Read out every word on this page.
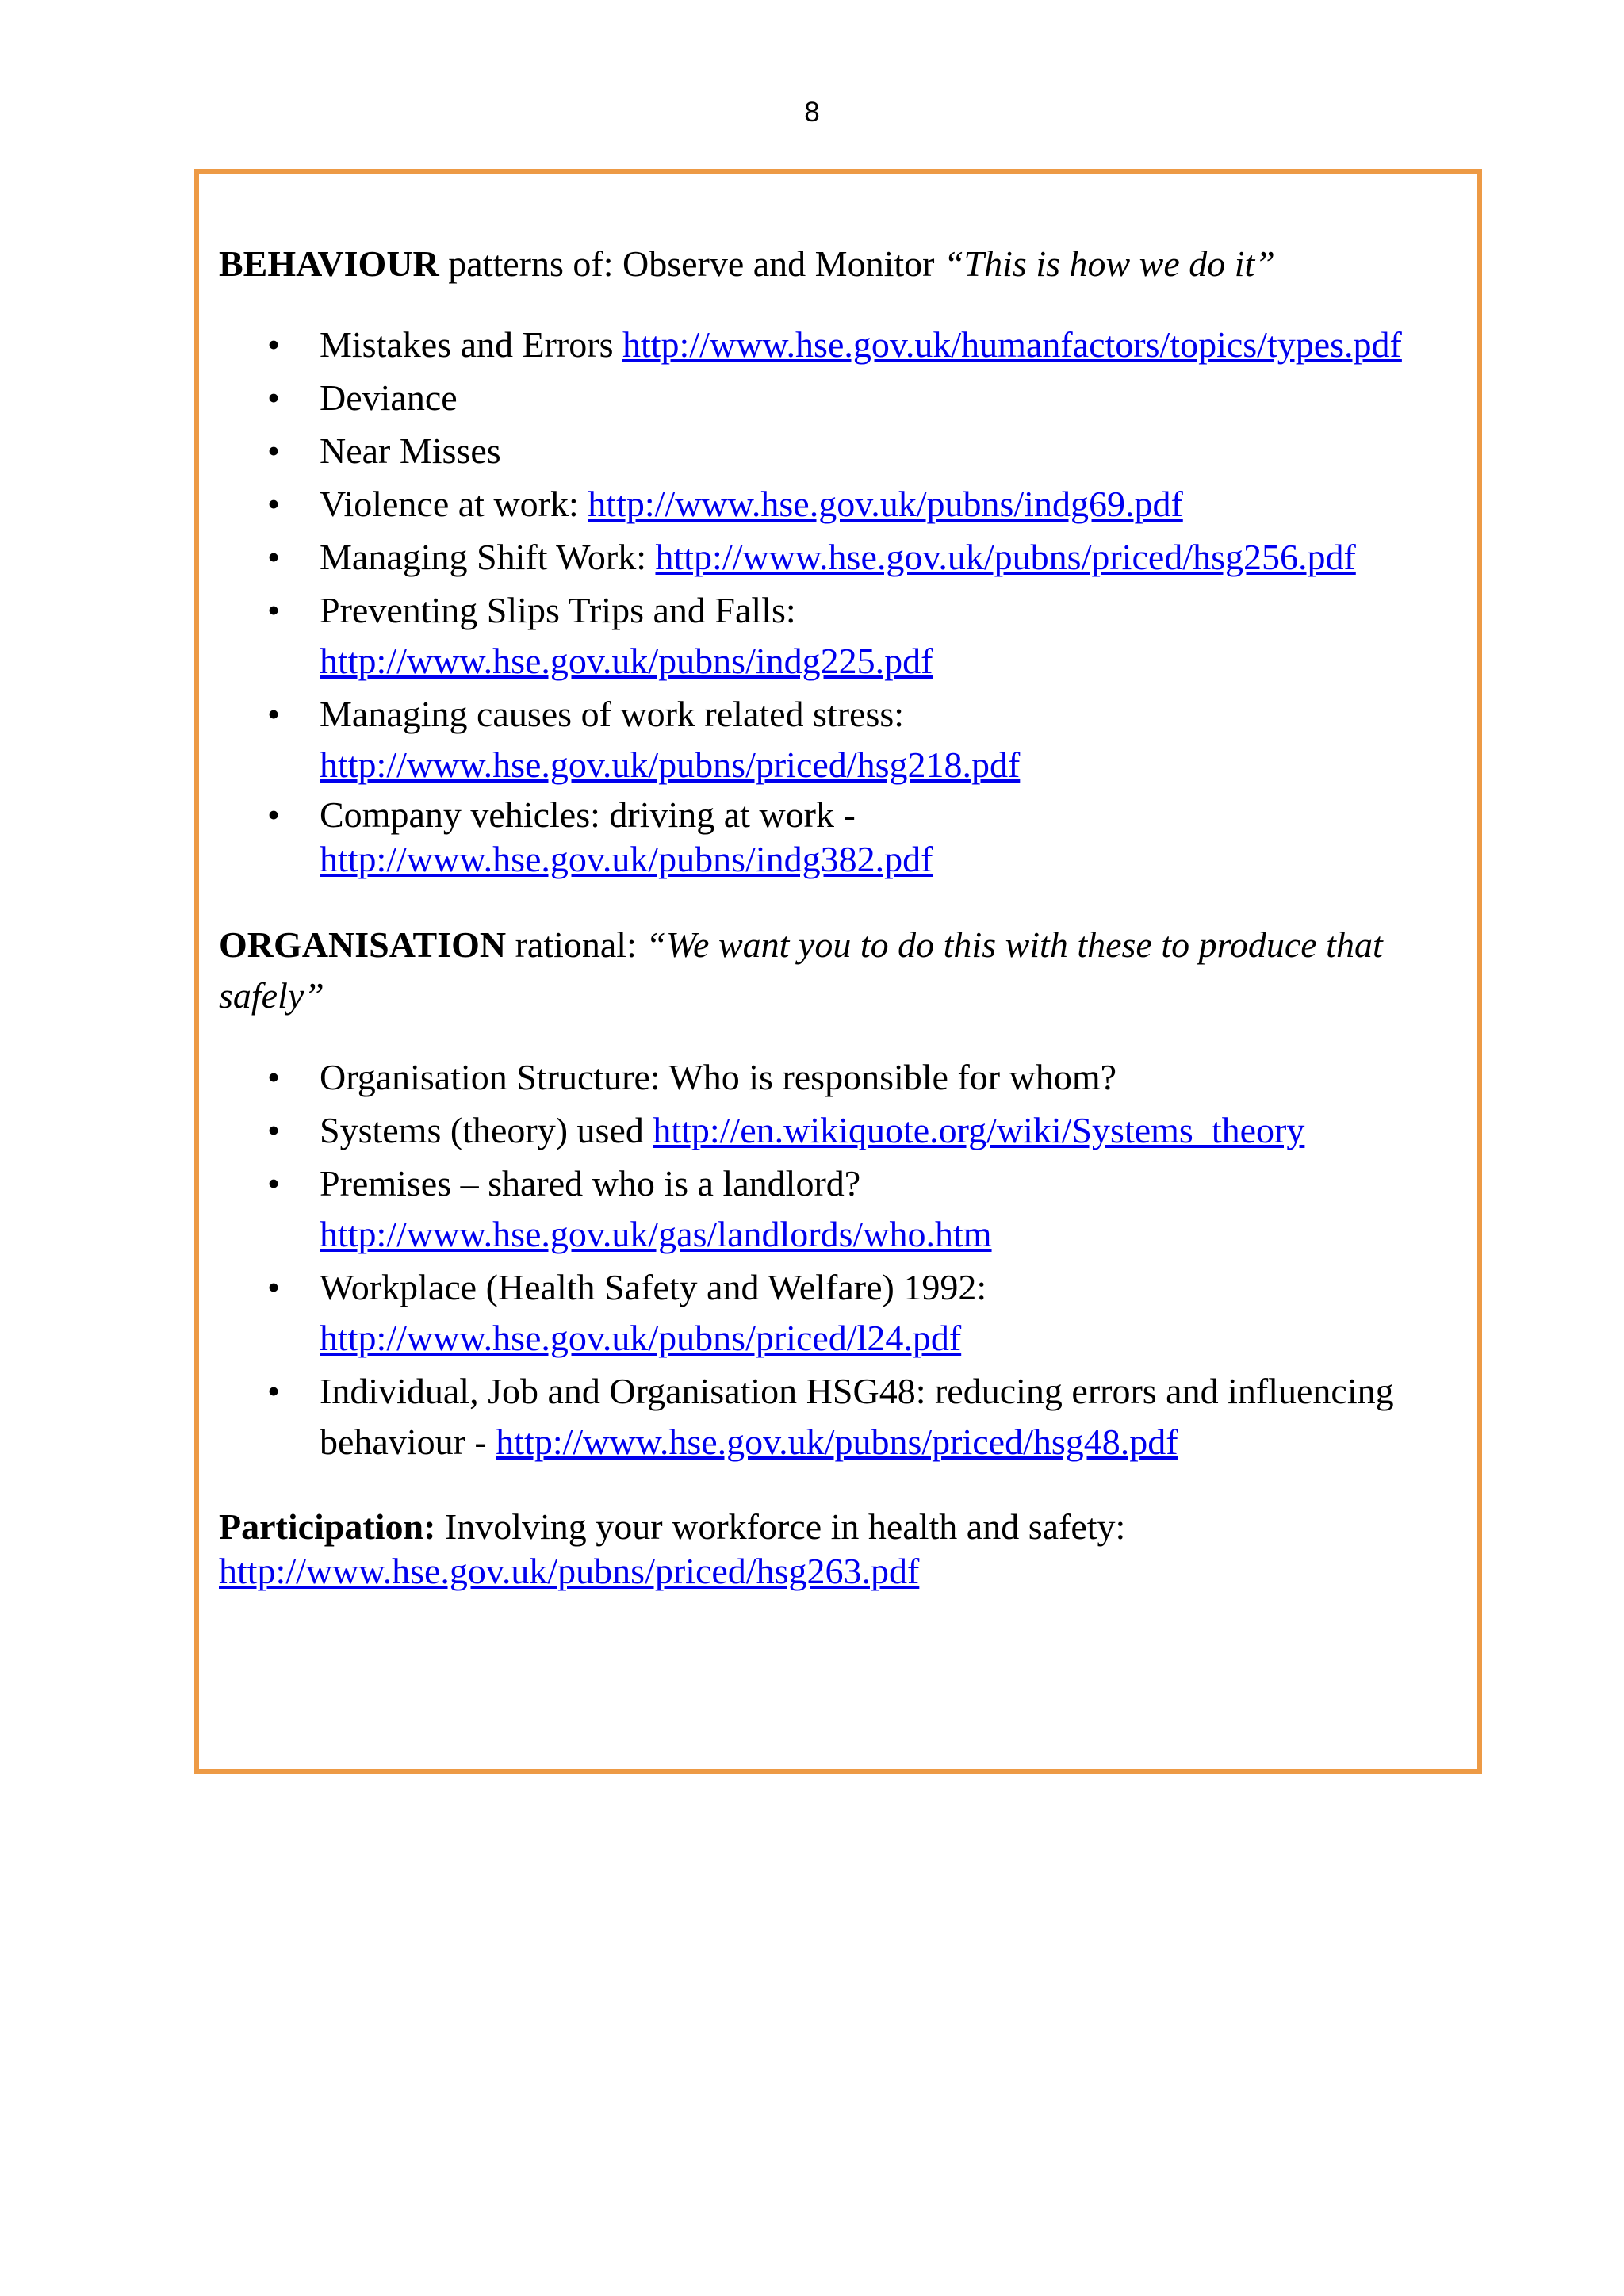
8
BEHAVIOUR patterns of: Observe and Monitor “This is how we do it”
•	Mistakes and Errors http://www.hse.gov.uk/humanfactors/topics/types.pdf
•	Deviance
•	Near Misses
•	Violence at work: http://www.hse.gov.uk/pubns/indg69.pdf
•	Managing Shift Work: http://www.hse.gov.uk/pubns/priced/hsg256.pdf
•	Preventing Slips Trips and Falls:
http://www.hse.gov.uk/pubns/indg225.pdf
•	Managing causes of work related stress:
http://www.hse.gov.uk/pubns/priced/hsg218.pdf
•	Company vehicles: driving at work -
http://www.hse.gov.uk/pubns/indg382.pdf
ORGANISATION rational: “We want you to do this with these to produce that
safely”
•	Organisation Structure: Who is responsible for whom?
•	Systems (theory) used http://en.wikiquote.org/wiki/Systems_theory
•	Premises – shared who is a landlord?
http://www.hse.gov.uk/gas/landlords/who.htm
•	Workplace (Health Safety and Welfare) 1992:
http://www.hse.gov.uk/pubns/priced/l24.pdf
•	Individual, Job and Organisation HSG48: reducing errors and influencing
behaviour - http://www.hse.gov.uk/pubns/priced/hsg48.pdf
Participation: Involving your workforce in health and safety:
http://www.hse.gov.uk/pubns/priced/hsg263.pdf
